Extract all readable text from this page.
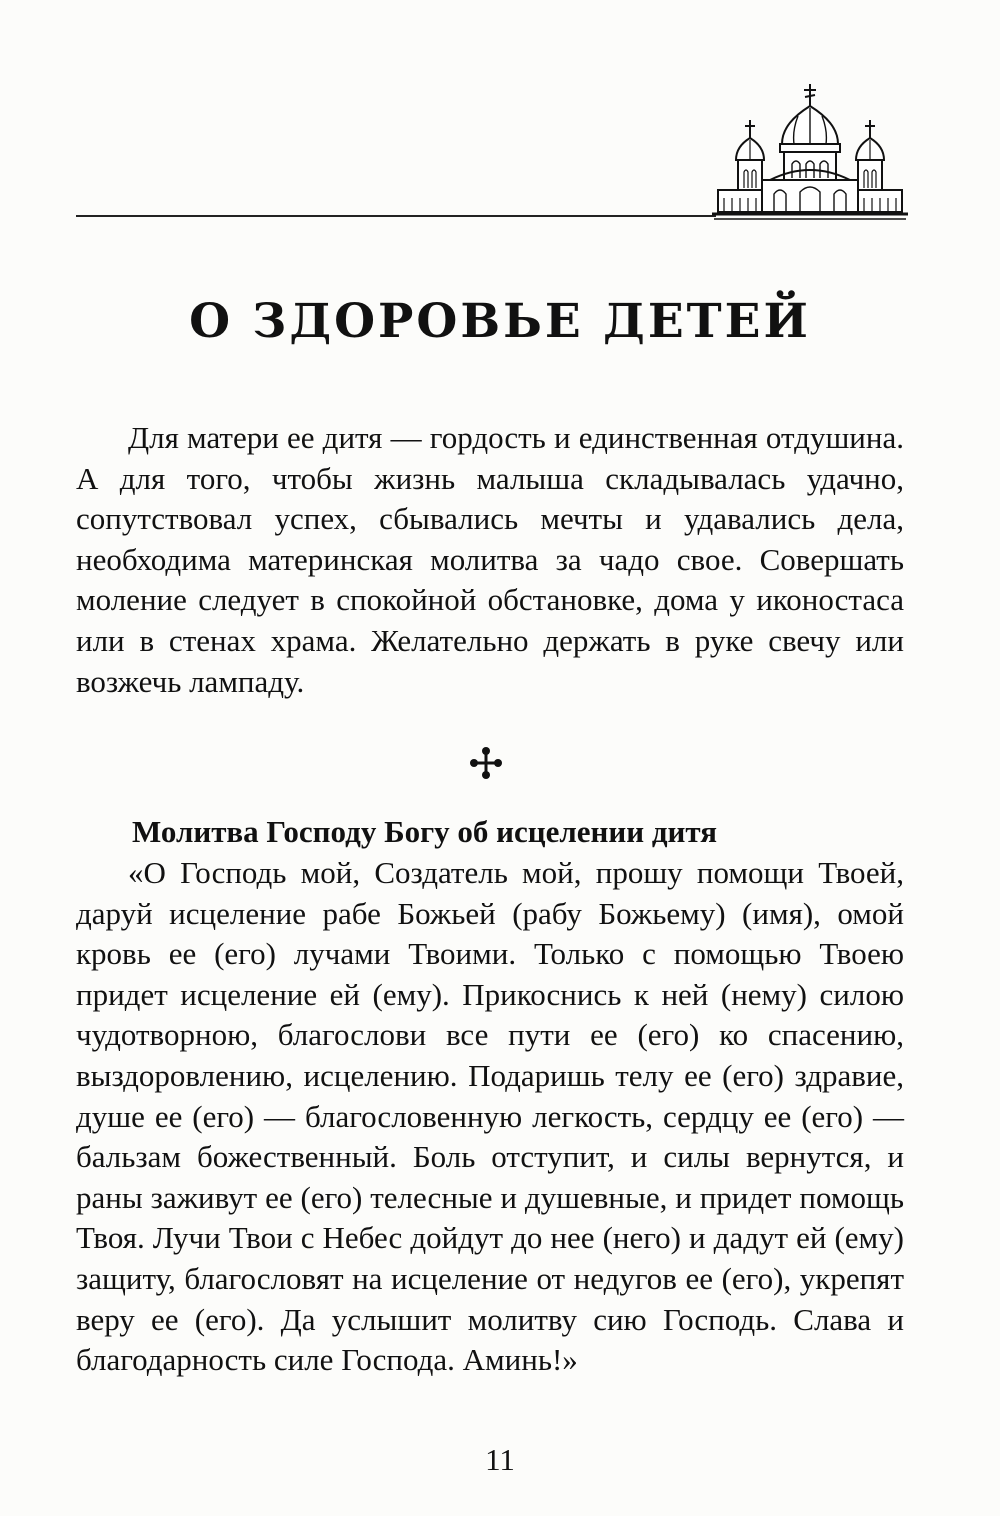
О ЗДОРОВЬЕ ДЕТЕЙ

Для матери ее дитя — гордость и единственная отдушина. А для того, чтобы жизнь малыша складывалась удачно, сопутствовал успех, сбывались мечты и удавались дела, необходима материнская молитва за чадо свое. Совершать моление следует в спокойной обстановке, дома у иконостаса или в стенах храма. Желательно держать в руке свечу или возжечь лампаду.

Молитва Господу Богу об исцелении дитя

«О Господь мой, Создатель мой, прошу помощи Твоей, даруй исцеление рабе Божьей (рабу Божьему) (имя), омой кровь ее (его) лучами Твоими. Только с помощью Твоею придет исцеление ей (ему). Прикоснись к ней (нему) силою чудотворною, благослови все пути ее (его) ко спасению, выздоровлению, исцелению. Подаришь телу ее (его) здравие, душе ее (его) — благословенную легкость, сердцу ее (его) — бальзам божественный. Боль отступит, и силы вернутся, и раны заживут ее (его) телесные и душевные, и придет помощь Твоя. Лучи Твои с Небес дойдут до нее (него) и дадут ей (ему) защиту, благословят на исцеление от недугов ее (его), укрепят веру ее (его). Да услышит молитву сию Господь. Слава и благодарность силе Господа. Аминь!»

11
